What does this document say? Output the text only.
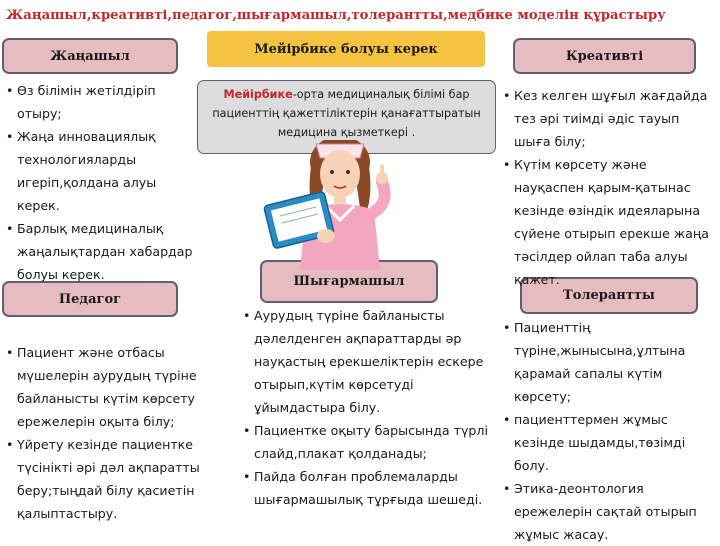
Жаңашыл,креативті,педагог,шығармашыл,толерантты,медбике моделін құрастыру
Мейірбике болуы керек
Мейірбике-орта медициналық білімі бар пациенттің қажеттіліктерін қанағаттыратын медицина қызметкері .
Жаңашыл	Креативті
Педагог
Шығармашыл
Толерантты
• Өз білімін жетілдіріп отыру;
• Жаңа инновациялық технологияларды игеріп,қолдана алуы керек.
• Барлық медициналық жаңалықтардан хабардар болуы керек.
• Кез келген шұғыл жағдайда тез әрі тиімді әдіс тауып шыға білу;
• Күтім көрсету және науқаспен қарым-қатынас кезінде өзіндік идеяларына сүйене отырып ерекше жаңа тәсілдер ойлап таба алуы қажет.
• Пациент және отбасы мүшелерін аурудың түріне байланысты күтім көрсету ережелерін оқыта білу;
• Үйрету кезінде пациентке түсінікті әрі дәл ақпаратты беру;тыңдай білу қасиетін қалыптастыру.
• Аурудың түріне байланысты дәлелденген ақпараттарды әр науқастың ерекшеліктерін ескере отырып,күтім көрсетуді ұйымдастыра білу.
• Пациентке оқыту барысында түрлі слайд,плакат қолданады;
• Пайда болған проблемаларды шығармашылық тұрғыда шешеді.
• Пациенттің түріне,жынысына,ұлтына қарамай сапалы күтім көрсету;
• пациенттермен жұмыс кезінде шыдамды,төзімді болу.
• Этика-деонтология ережелерін сақтай отырып жұмыс жасау.
